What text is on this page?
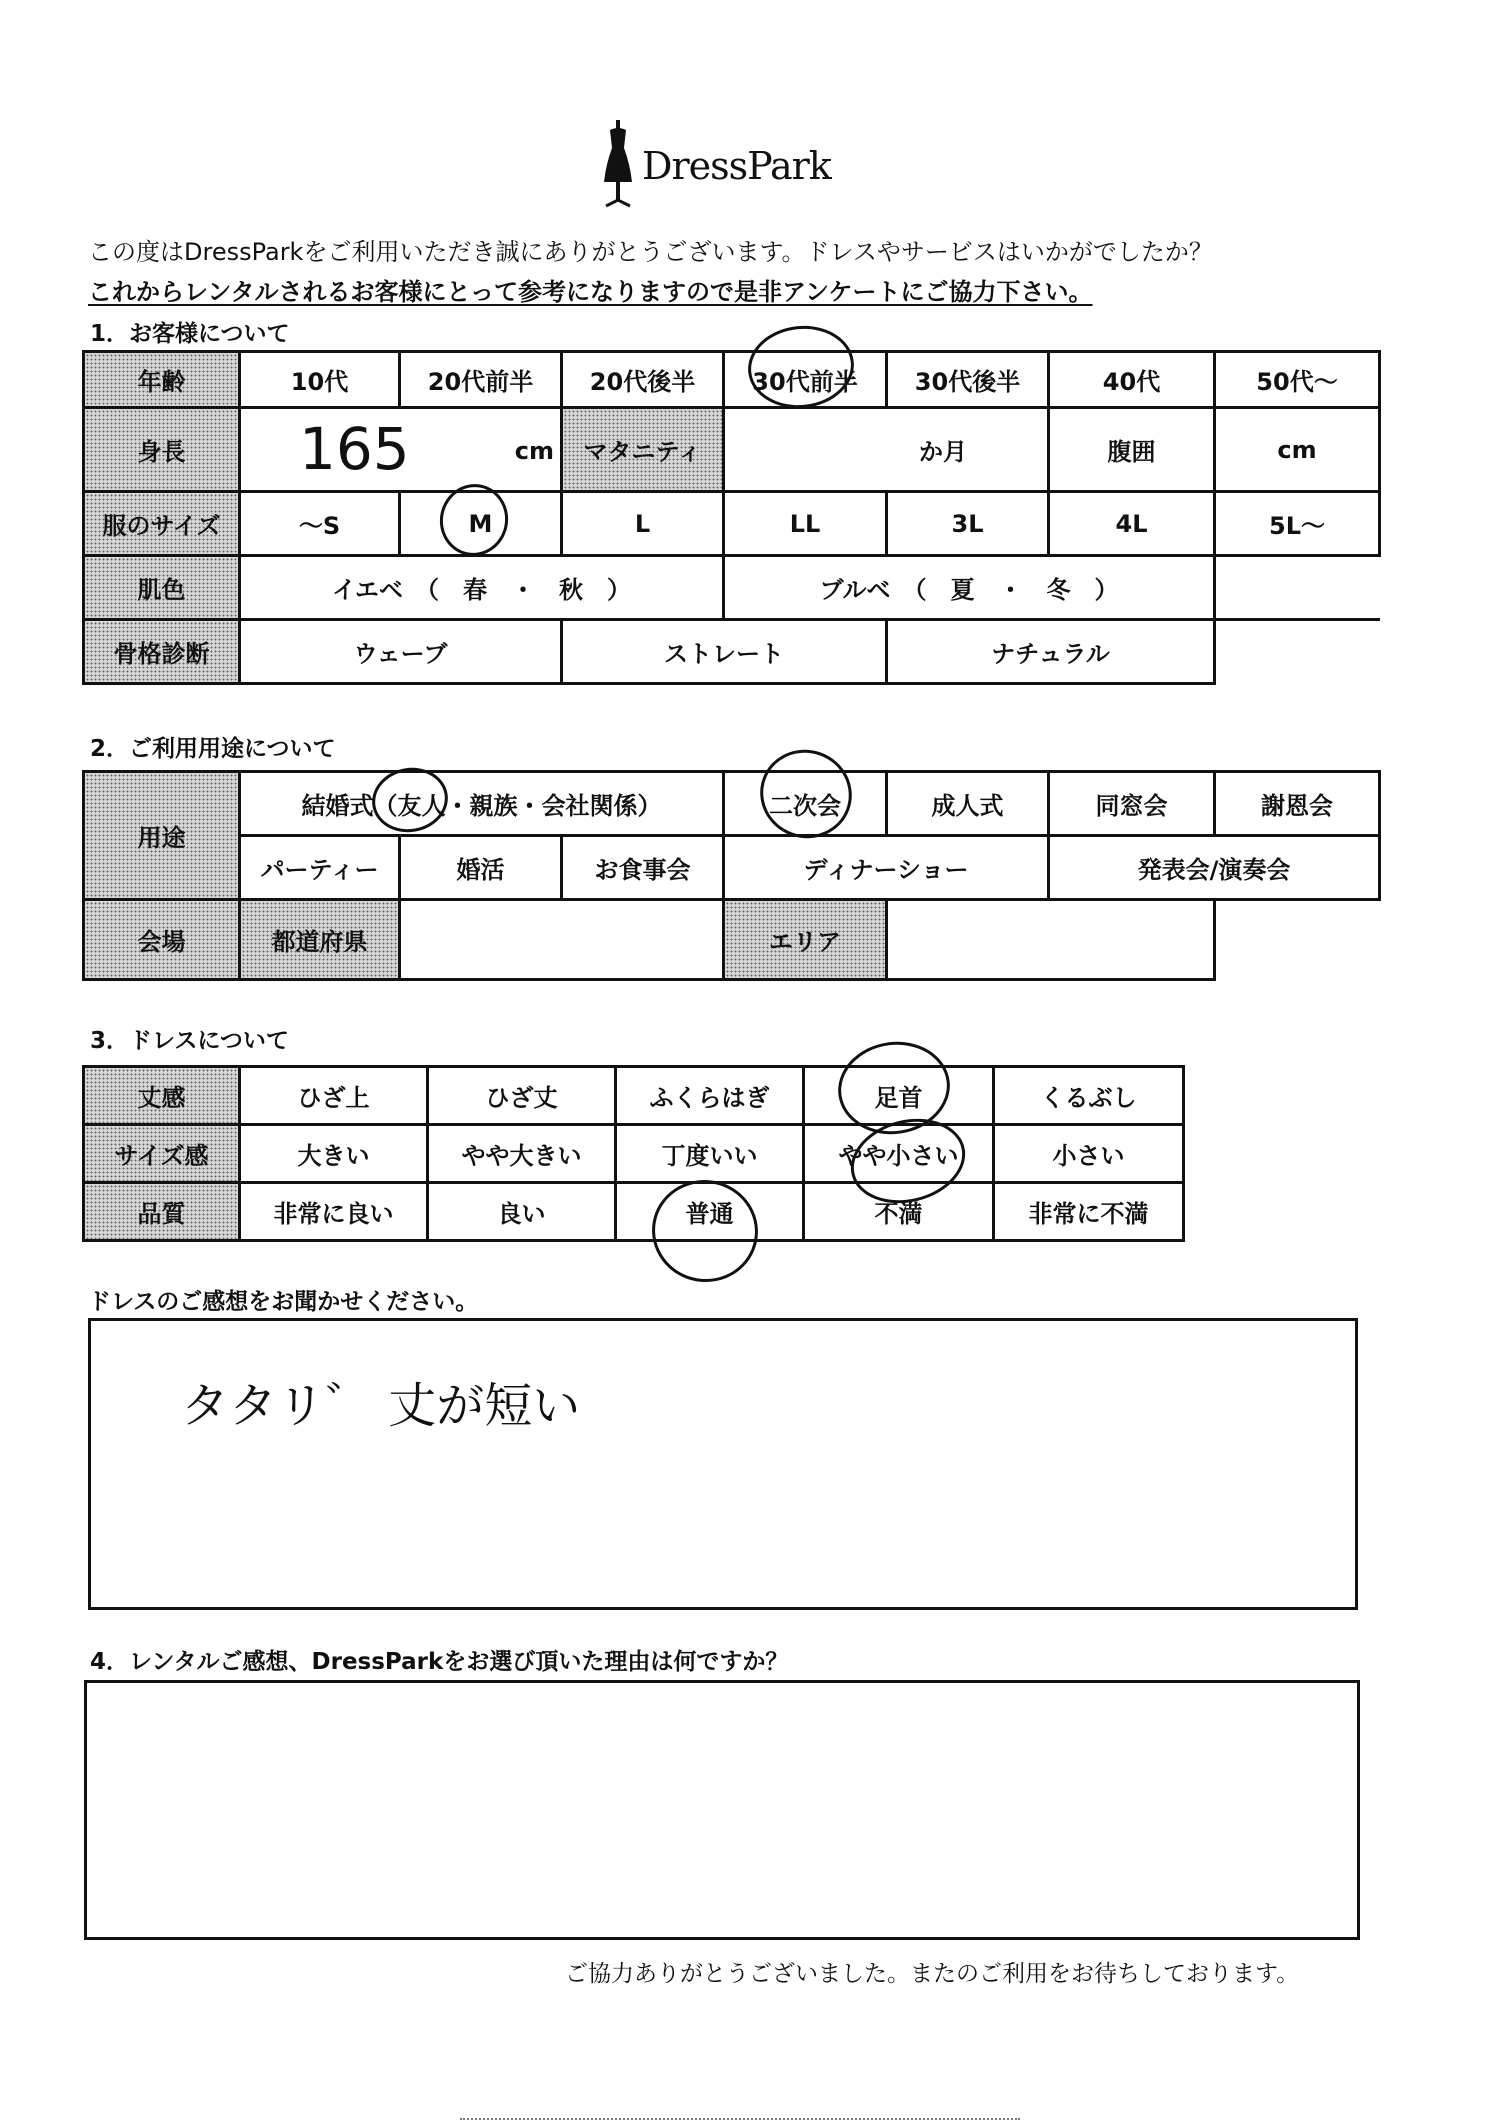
DressPark
この度はDressParkをご利用いただき誠にありがとうございます。ドレスやサービスはいかがでしたか？
これからレンタルされるお客様にとって参考になりますので是非アンケートにご協力下さい。
1．お客様について
年齢	10代	20代前半	20代後半	30代前半	30代後半	40代	50代～
身長	165 cm		マタニティ	か月		腹囲	cm
服のサイズ	～S	M	L	LL	3L	4L	5L～
肌色	イエベ　（　春　・　秋　）			ブルベ　（　夏　・　冬　）			
骨格診断	ウェーブ		ストレート		ナチュラル		
2．ご利用用途について
用途	結婚式（友人・親族・会社関係）			二次会	成人式	同窓会	謝恩会
	パーティー	婚活	お食事会	ディナーショー		発表会/演奏会	
会場	都道府県			エリア			
3．ドレスについて
丈感	ひざ上	ひざ丈	ふくらはぎ	足首	くるぶし
サイズ感	大きい	やや大きい	丁度いい	やや小さい	小さい
品質	非常に良い	良い	普通	不満	非常に不満
ドレスのご感想をお聞かせください。
タタリ゛ 丈が短い
4．レンタルご感想、DressParkをお選び頂いた理由は何ですか？
ご協力ありがとうございました。またのご利用をお待ちしております。
